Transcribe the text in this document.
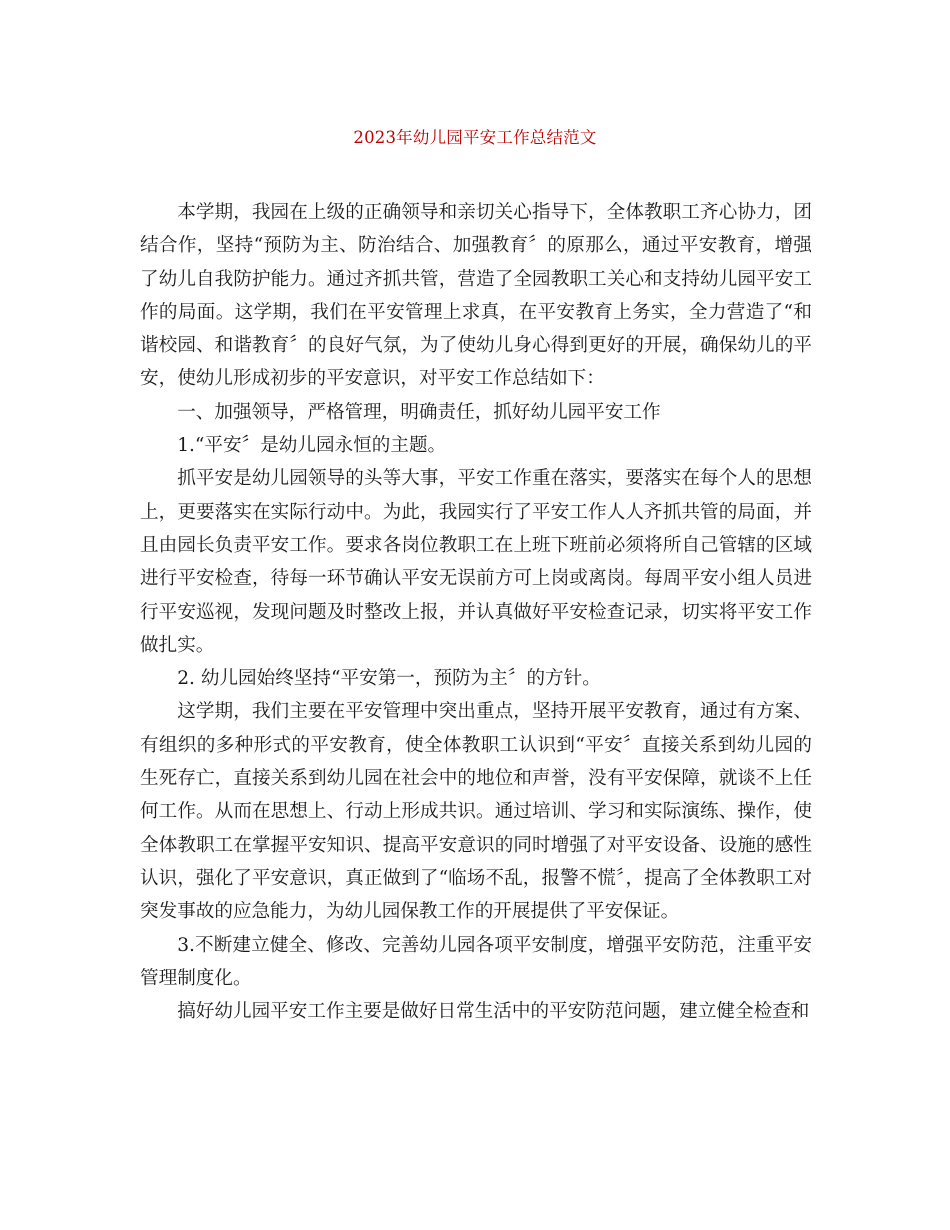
2023年幼儿园平安工作总结范文

本学期，我园在上级的正确领导和亲切关心指导下，全体教职工齐心协力，团结合作，坚持“预防为主、防治结合、加强教育〞的原那么，通过平安教育，增强了幼儿自我防护能力。通过齐抓共管，营造了全园教职工关心和支持幼儿园平安工作的局面。这学期，我们在平安管理上求真，在平安教育上务实，全力营造了“和谐校园、和谐教育〞的良好气氛，为了使幼儿身心得到更好的开展，确保幼儿的平安，使幼儿形成初步的平安意识，对平安工作总结如下：

一、加强领导，严格管理，明确责任，抓好幼儿园平安工作

1.“平安〞是幼儿园永恒的主题。

抓平安是幼儿园领导的头等大事，平安工作重在落实，要落实在每个人的思想上，更要落实在实际行动中。为此，我园实行了平安工作人人齐抓共管的局面，并且由园长负责平安工作。要求各岗位教职工在上班下班前必须将所自己管辖的区域进行平安检查，待每一环节确认平安无误前方可上岗或离岗。每周平安小组人员进行平安巡视，发现问题及时整改上报，并认真做好平安检查记录，切实将平安工作做扎实。

2. 幼儿园始终坚持“平安第一，预防为主〞的方针。

这学期，我们主要在平安管理中突出重点，坚持开展平安教育，通过有方案、有组织的多种形式的平安教育，使全体教职工认识到“平安〞直接关系到幼儿园的生死存亡，直接关系到幼儿园在社会中的地位和声誉，没有平安保障，就谈不上任何工作。从而在思想上、行动上形成共识。通过培训、学习和实际演练、操作，使全体教职工在掌握平安知识、提高平安意识的同时增强了对平安设备、设施的感性认识，强化了平安意识，真正做到了“临场不乱，报警不慌〞，提高了全体教职工对突发事故的应急能力，为幼儿园保教工作的开展提供了平安保证。

3.不断建立健全、修改、完善幼儿园各项平安制度，增强平安防范，注重平安管理制度化。

搞好幼儿园平安工作主要是做好日常生活中的平安防范问题，建立健全检查和
